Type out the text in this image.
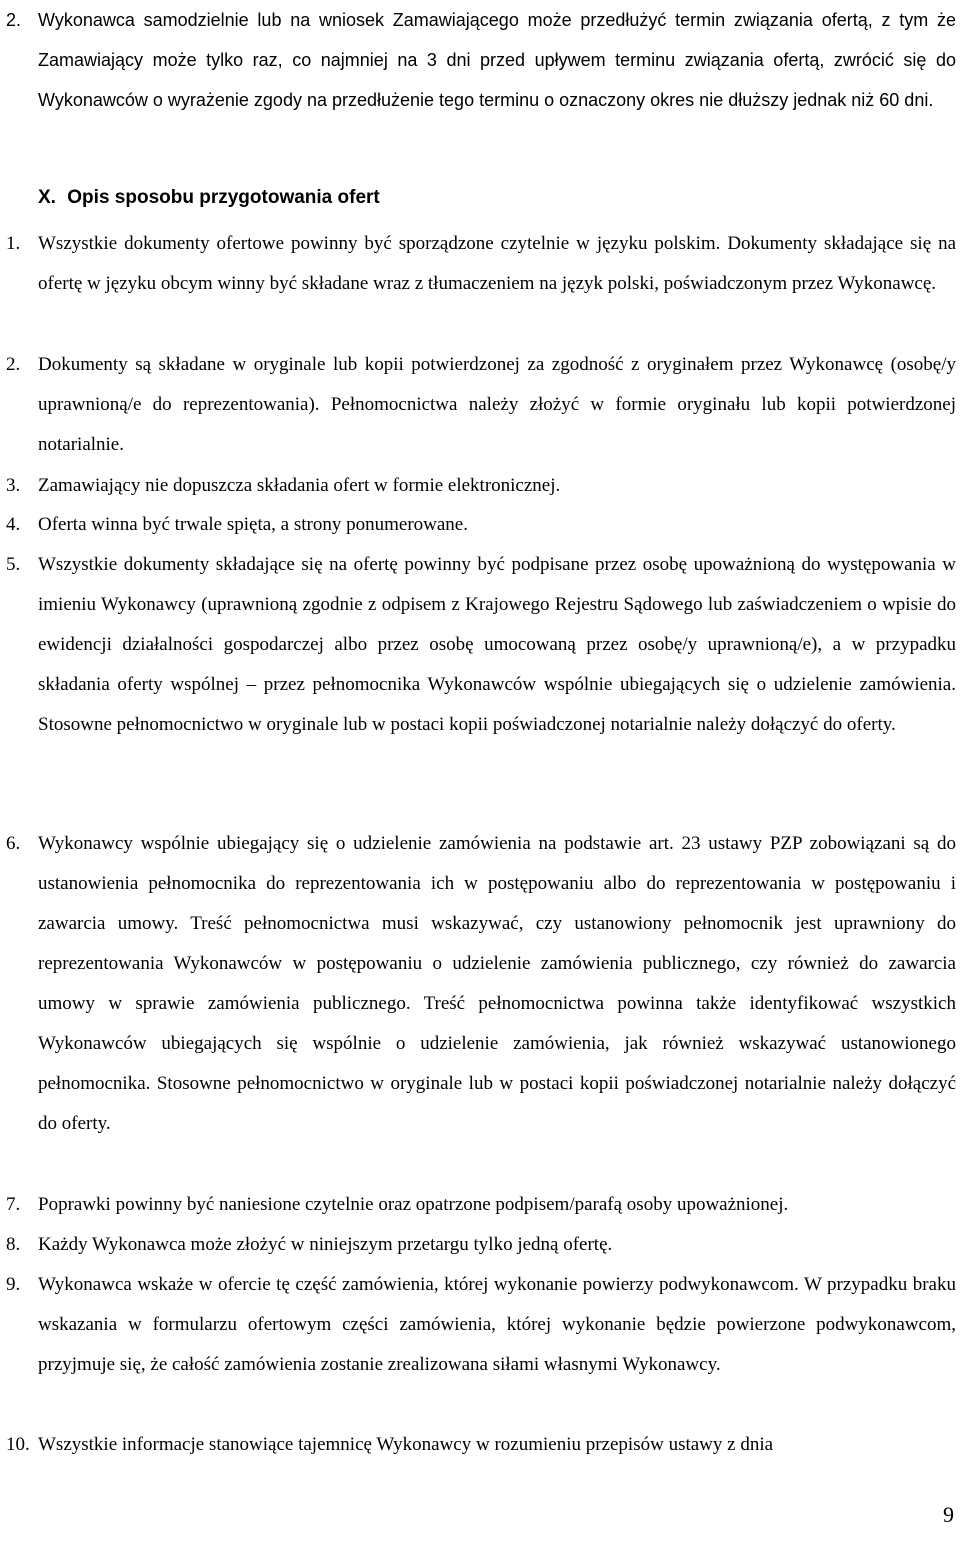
2. Wykonawca samodzielnie lub na wniosek Zamawiającego może przedłużyć termin związania ofertą, z tym że Zamawiający może tylko raz, co najmniej na 3 dni przed upływem terminu związania ofertą, zwrócić się do Wykonawców o wyrażenie zgody na przedłużenie tego terminu o oznaczony okres nie dłuższy jednak niż 60 dni.
X. Opis sposobu przygotowania ofert
1. Wszystkie dokumenty ofertowe powinny być sporządzone czytelnie w języku polskim. Dokumenty składające się na ofertę w języku obcym winny być składane wraz z tłumaczeniem na język polski, poświadczonym przez Wykonawcę.
2. Dokumenty są składane w oryginale lub kopii potwierdzonej za zgodność z oryginałem przez Wykonawcę (osobę/y uprawnioną/e do reprezentowania). Pełnomocnictwa należy złożyć w formie oryginału lub kopii potwierdzonej notarialnie.
3. Zamawiający nie dopuszcza składania ofert w formie elektronicznej.
4. Oferta winna być trwale spięta, a strony ponumerowane.
5. Wszystkie dokumenty składające się na ofertę powinny być podpisane przez osobę upoważnioną do występowania w imieniu Wykonawcy (uprawnioną zgodnie z odpisem z Krajowego Rejestru Sądowego lub zaświadczeniem o wpisie do ewidencji działalności gospodarczej albo przez osobę umocowaną przez osobę/y uprawnioną/e), a w przypadku składania oferty wspólnej – przez pełnomocnika Wykonawców wspólnie ubiegających się o udzielenie zamówienia. Stosowne pełnomocnictwo w oryginale lub w postaci kopii poświadczonej notarialnie należy dołączyć do oferty.
6. Wykonawcy wspólnie ubiegający się o udzielenie zamówienia na podstawie art. 23 ustawy PZP zobowiązani są do ustanowienia pełnomocnika do reprezentowania ich w postępowaniu albo do reprezentowania w postępowaniu i zawarcia umowy. Treść pełnomocnictwa musi wskazywać, czy ustanowiony pełnomocnik jest uprawniony do reprezentowania Wykonawców w postępowaniu o udzielenie zamówienia publicznego, czy również do zawarcia umowy w sprawie zamówienia publicznego. Treść pełnomocnictwa powinna także identyfikować wszystkich Wykonawców ubiegających się wspólnie o udzielenie zamówienia, jak również wskazywać ustanowionego pełnomocnika. Stosowne pełnomocnictwo w oryginale lub w postaci kopii poświadczonej notarialnie należy dołączyć do oferty.
7. Poprawki powinny być naniesione czytelnie oraz opatrzone podpisem/parafą osoby upoważnionej.
8. Każdy Wykonawca może złożyć w niniejszym przetargu tylko jedną ofertę.
9. Wykonawca wskaże w ofercie tę część zamówienia, której wykonanie powierzy podwykonawcom. W przypadku braku wskazania w formularzu ofertowym części zamówienia, której wykonanie będzie powierzone podwykonawcom, przyjmuje się, że całość zamówienia zostanie zrealizowana siłami własnymi Wykonawcy.
10. Wszystkie informacje stanowiące tajemnicę Wykonawcy w rozumieniu przepisów ustawy z dnia

9
